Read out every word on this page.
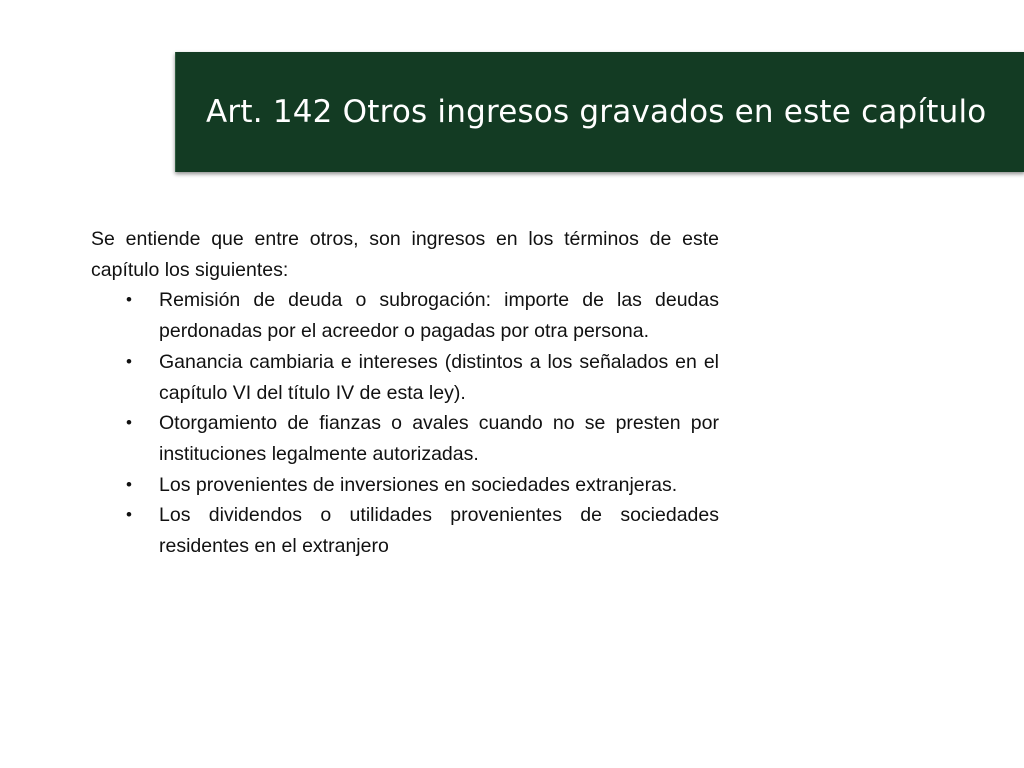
Art. 142 Otros ingresos gravados en este capítulo

Se entiende que entre otros, son ingresos en los términos de este capítulo los siguientes:

• Remisión de deuda o subrogación: importe de las deudas perdonadas por el acreedor o pagadas por otra persona.
• Ganancia cambiaria e intereses (distintos a los señalados en el capítulo VI del título IV de esta ley).
• Otorgamiento de fianzas o avales cuando no se presten por instituciones legalmente autorizadas.
• Los provenientes de inversiones en sociedades extranjeras.
• Los dividendos o utilidades provenientes de sociedades residentes en el extranjero
